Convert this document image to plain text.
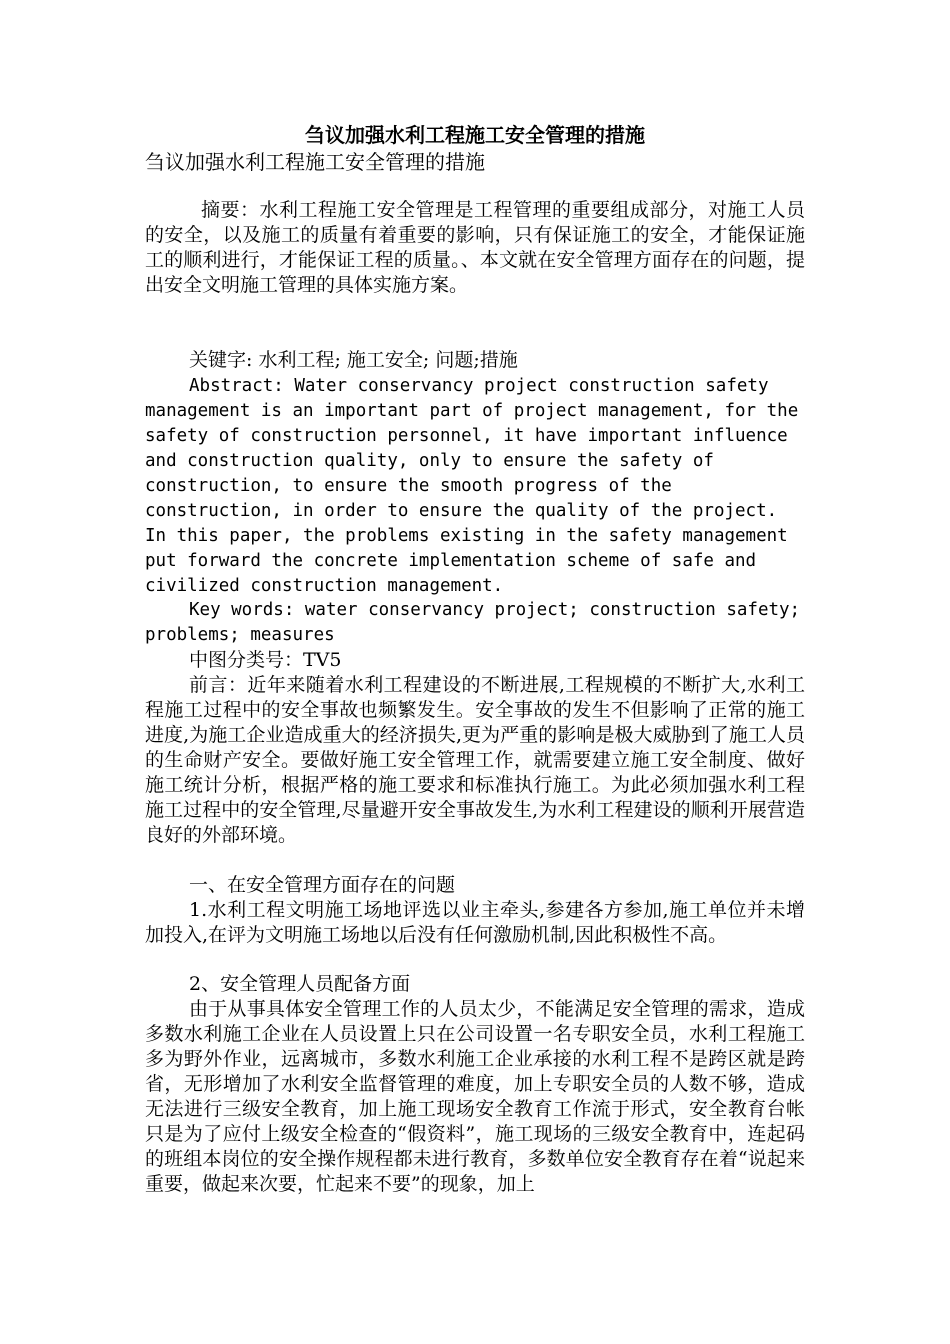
刍议加强水利工程施工安全管理的措施
刍议加强水利工程施工安全管理的措施
摘要：水利工程施工安全管理是工程管理的重要组成部分，对施工人员的安全，以及施工的质量有着重要的影响，只有保证施工的安全，才能保证施工的顺利进行，才能保证工程的质量。、本文就在安全管理方面存在的问题，提出安全文明施工管理的具体实施方案。
关键字: 水利工程; 施工安全; 问题;措施
Abstract: Water conservancy project construction safety management is an important part of project management, for the safety of construction personnel, it have important influence and construction quality, only to ensure the safety of construction, to ensure the smooth progress of the construction, in order to ensure the quality of the project. In this paper, the problems existing in the safety management put forward the concrete implementation scheme of safe and civilized construction management.
Key words: water conservancy project; construction safety; problems; measures
中图分类号：TV5
前言：近年来随着水利工程建设的不断进展,工程规模的不断扩大,水利工程施工过程中的安全事故也频繁发生。安全事故的发生不但影响了正常的施工进度,为施工企业造成重大的经济损失,更为严重的影响是极大威胁到了施工人员的生命财产安全。要做好施工安全管理工作，就需要建立施工安全制度、做好施工统计分析，根据严格的施工要求和标准执行施工。为此必须加强水利工程施工过程中的安全管理,尽量避开安全事故发生,为水利工程建设的顺利开展营造良好的外部环境。
一、在安全管理方面存在的问题
1.水利工程文明施工场地评选以业主牵头,参建各方参加,施工单位并未增加投入,在评为文明施工场地以后没有任何激励机制,因此积极性不高。
2、安全管理人员配备方面
由于从事具体安全管理工作的人员太少，不能满足安全管理的需求，造成多数水利施工企业在人员设置上只在公司设置一名专职安全员，水利工程施工多为野外作业，远离城市，多数水利施工企业承接的水利工程不是跨区就是跨省，无形增加了水利安全监督管理的难度，加上专职安全员的人数不够，造成无法进行三级安全教育，加上施工现场安全教育工作流于形式，安全教育台帐只是为了应付上级安全检查的“假资料”，施工现场的三级安全教育中，连起码的班组本岗位的安全操作规程都未进行教育，多数单位安全教育存在着“说起来重要，做起来次要，忙起来不要”的现象，加上
